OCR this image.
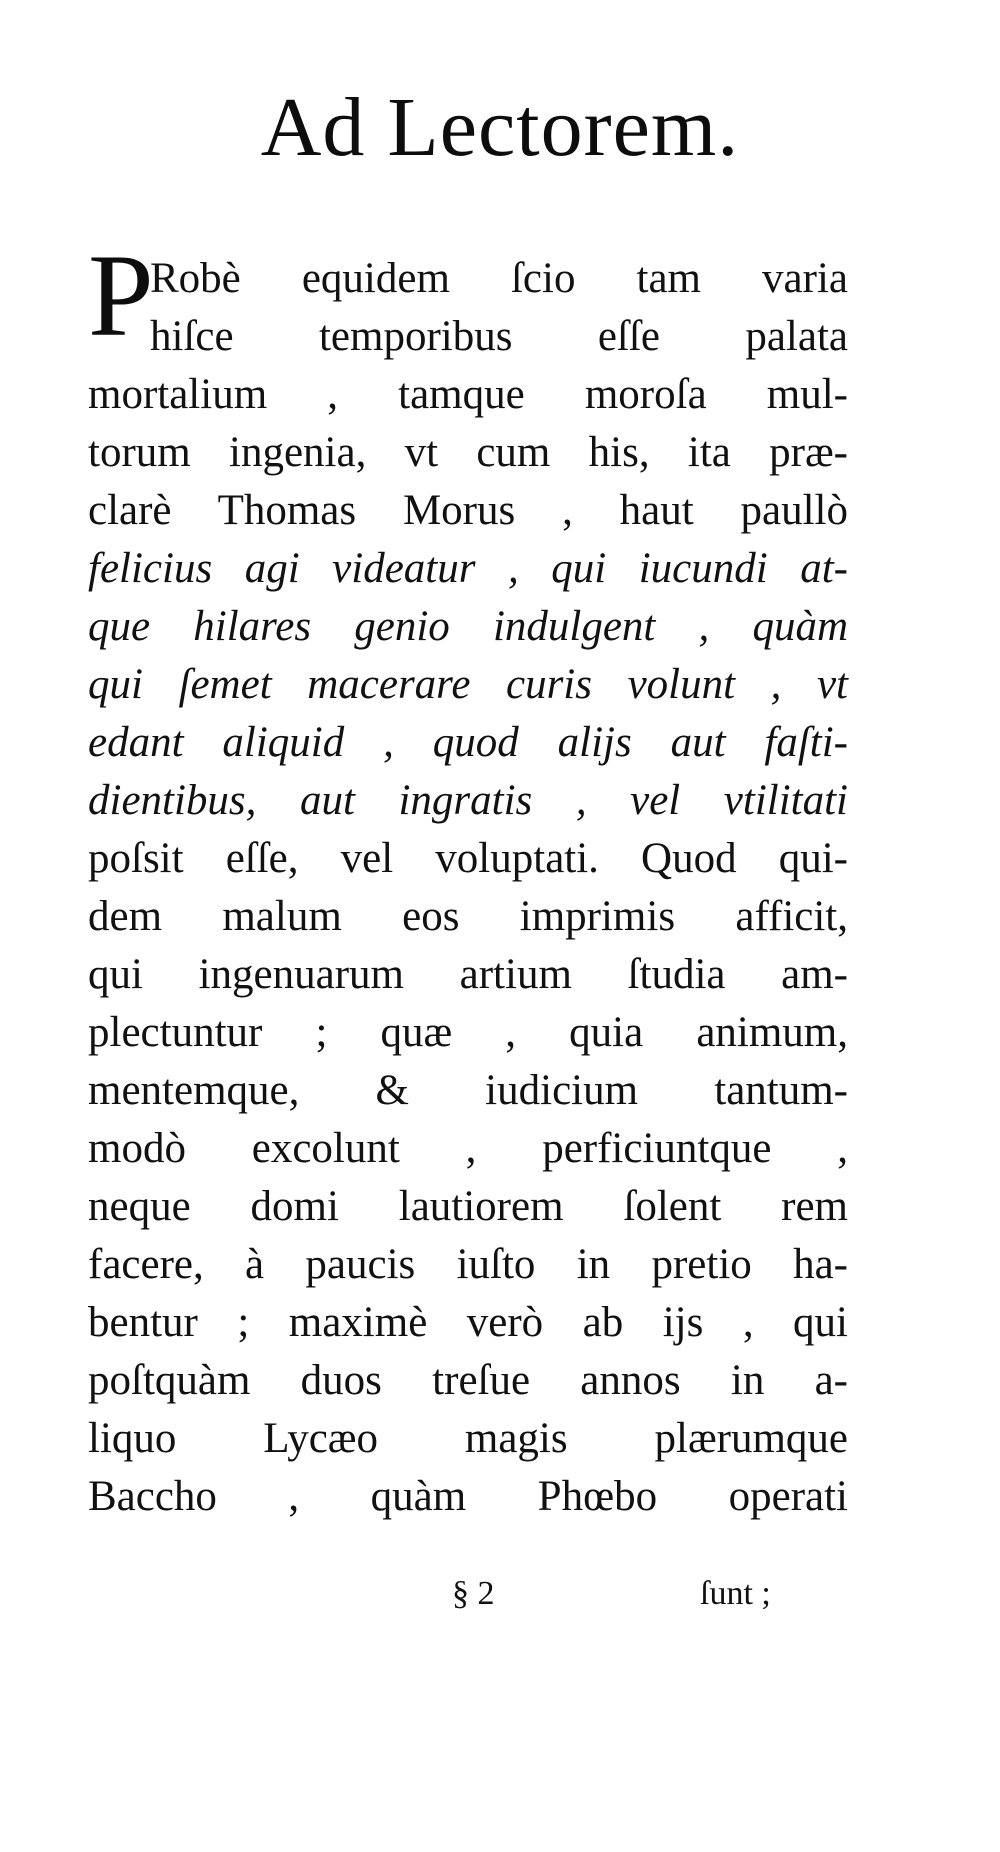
Ad Lectorem.
P
Robè equidem ſcio tam varia
hiſce temporibus eſſe palata
mortalium , tamque moroſa mul-
torum ingenia, vt cum his, ita præ-
clarè Thomas Morus , haut paullò
felicius agi videatur , qui iucundi at-
que hilares genio indulgent , quàm
qui ſemet macerare curis volunt , vt
edant aliquid , quod alijs aut faſti-
dientibus, aut ingratis , vel vtilitati
poſsit eſſe, vel voluptati. Quod qui-
dem malum eos imprimis afficit,
qui ingenuarum artium ſtudia am-
plectuntur ; quæ , quia animum,
mentemque, & iudicium tantum-
modò excolunt , perficiuntque ,
neque domi lautiorem ſolent rem
facere, à paucis iuſto in pretio ha-
bentur ; maximè verò ab ijs , qui
poſtquàm duos treſue annos in a-
liquo Lycæo magis plærumque
Baccho , quàm Phœbo operati
§ 2	ſunt ;
